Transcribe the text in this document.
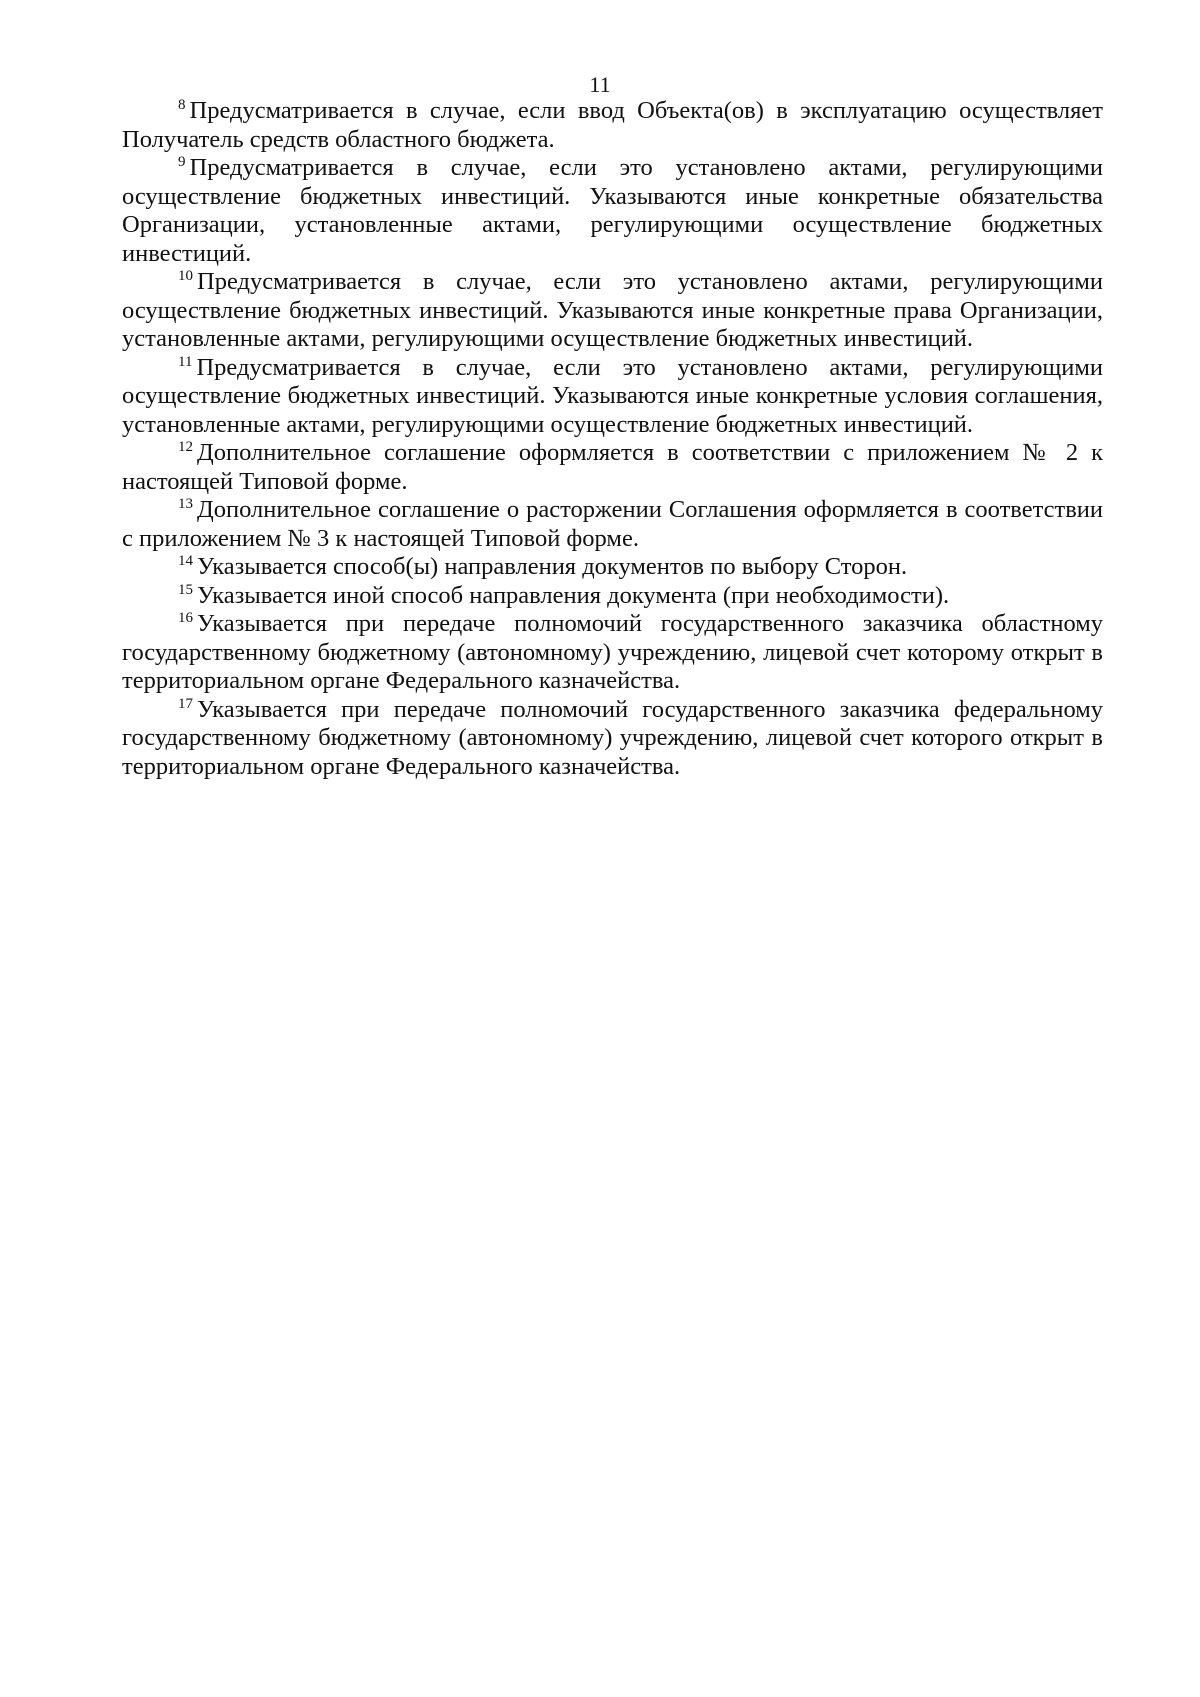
11

$^8$ Предусматривается в случае, если ввод Объекта(ов) в эксплуатацию осуществляет Получатель средств областного бюджета.

$^9$ Предусматривается в случае, если это установлено актами, регулирующими осуществление бюджетных инвестиций. Указываются иные конкретные обязательства Организации, установленные актами, регулирующими осуществление бюджетных инвестиций.

$^{10}$ Предусматривается в случае, если это установлено актами, регулирующими осуществление бюджетных инвестиций. Указываются иные конкретные права Организации, установленные актами, регулирующими осуществление бюджетных инвестиций.

$^{11}$ Предусматривается в случае, если это установлено актами, регулирующими осуществление бюджетных инвестиций. Указываются иные конкретные условия соглашения, установленные актами, регулирующими осуществление бюджетных инвестиций.

$^{12}$ Дополнительное соглашение оформляется в соответствии с приложением № 2 к настоящей Типовой форме.

$^{13}$ Дополнительное соглашение о расторжении Соглашения оформляется в соответствии с приложением № 3 к настоящей Типовой форме.

$^{14}$ Указывается способ(ы) направления документов по выбору Сторон.

$^{15}$ Указывается иной способ направления документа (при необходимости).

$^{16}$ Указывается при передаче полномочий государственного заказчика областному государственному бюджетному (автономному) учреждению, лицевой счет которому открыт в территориальном органе Федерального казначейства.

$^{17}$ Указывается при передаче полномочий государственного заказчика федеральному государственному бюджетному (автономному) учреждению, лицевой счет которого открыт в территориальном органе Федерального казначейства.
